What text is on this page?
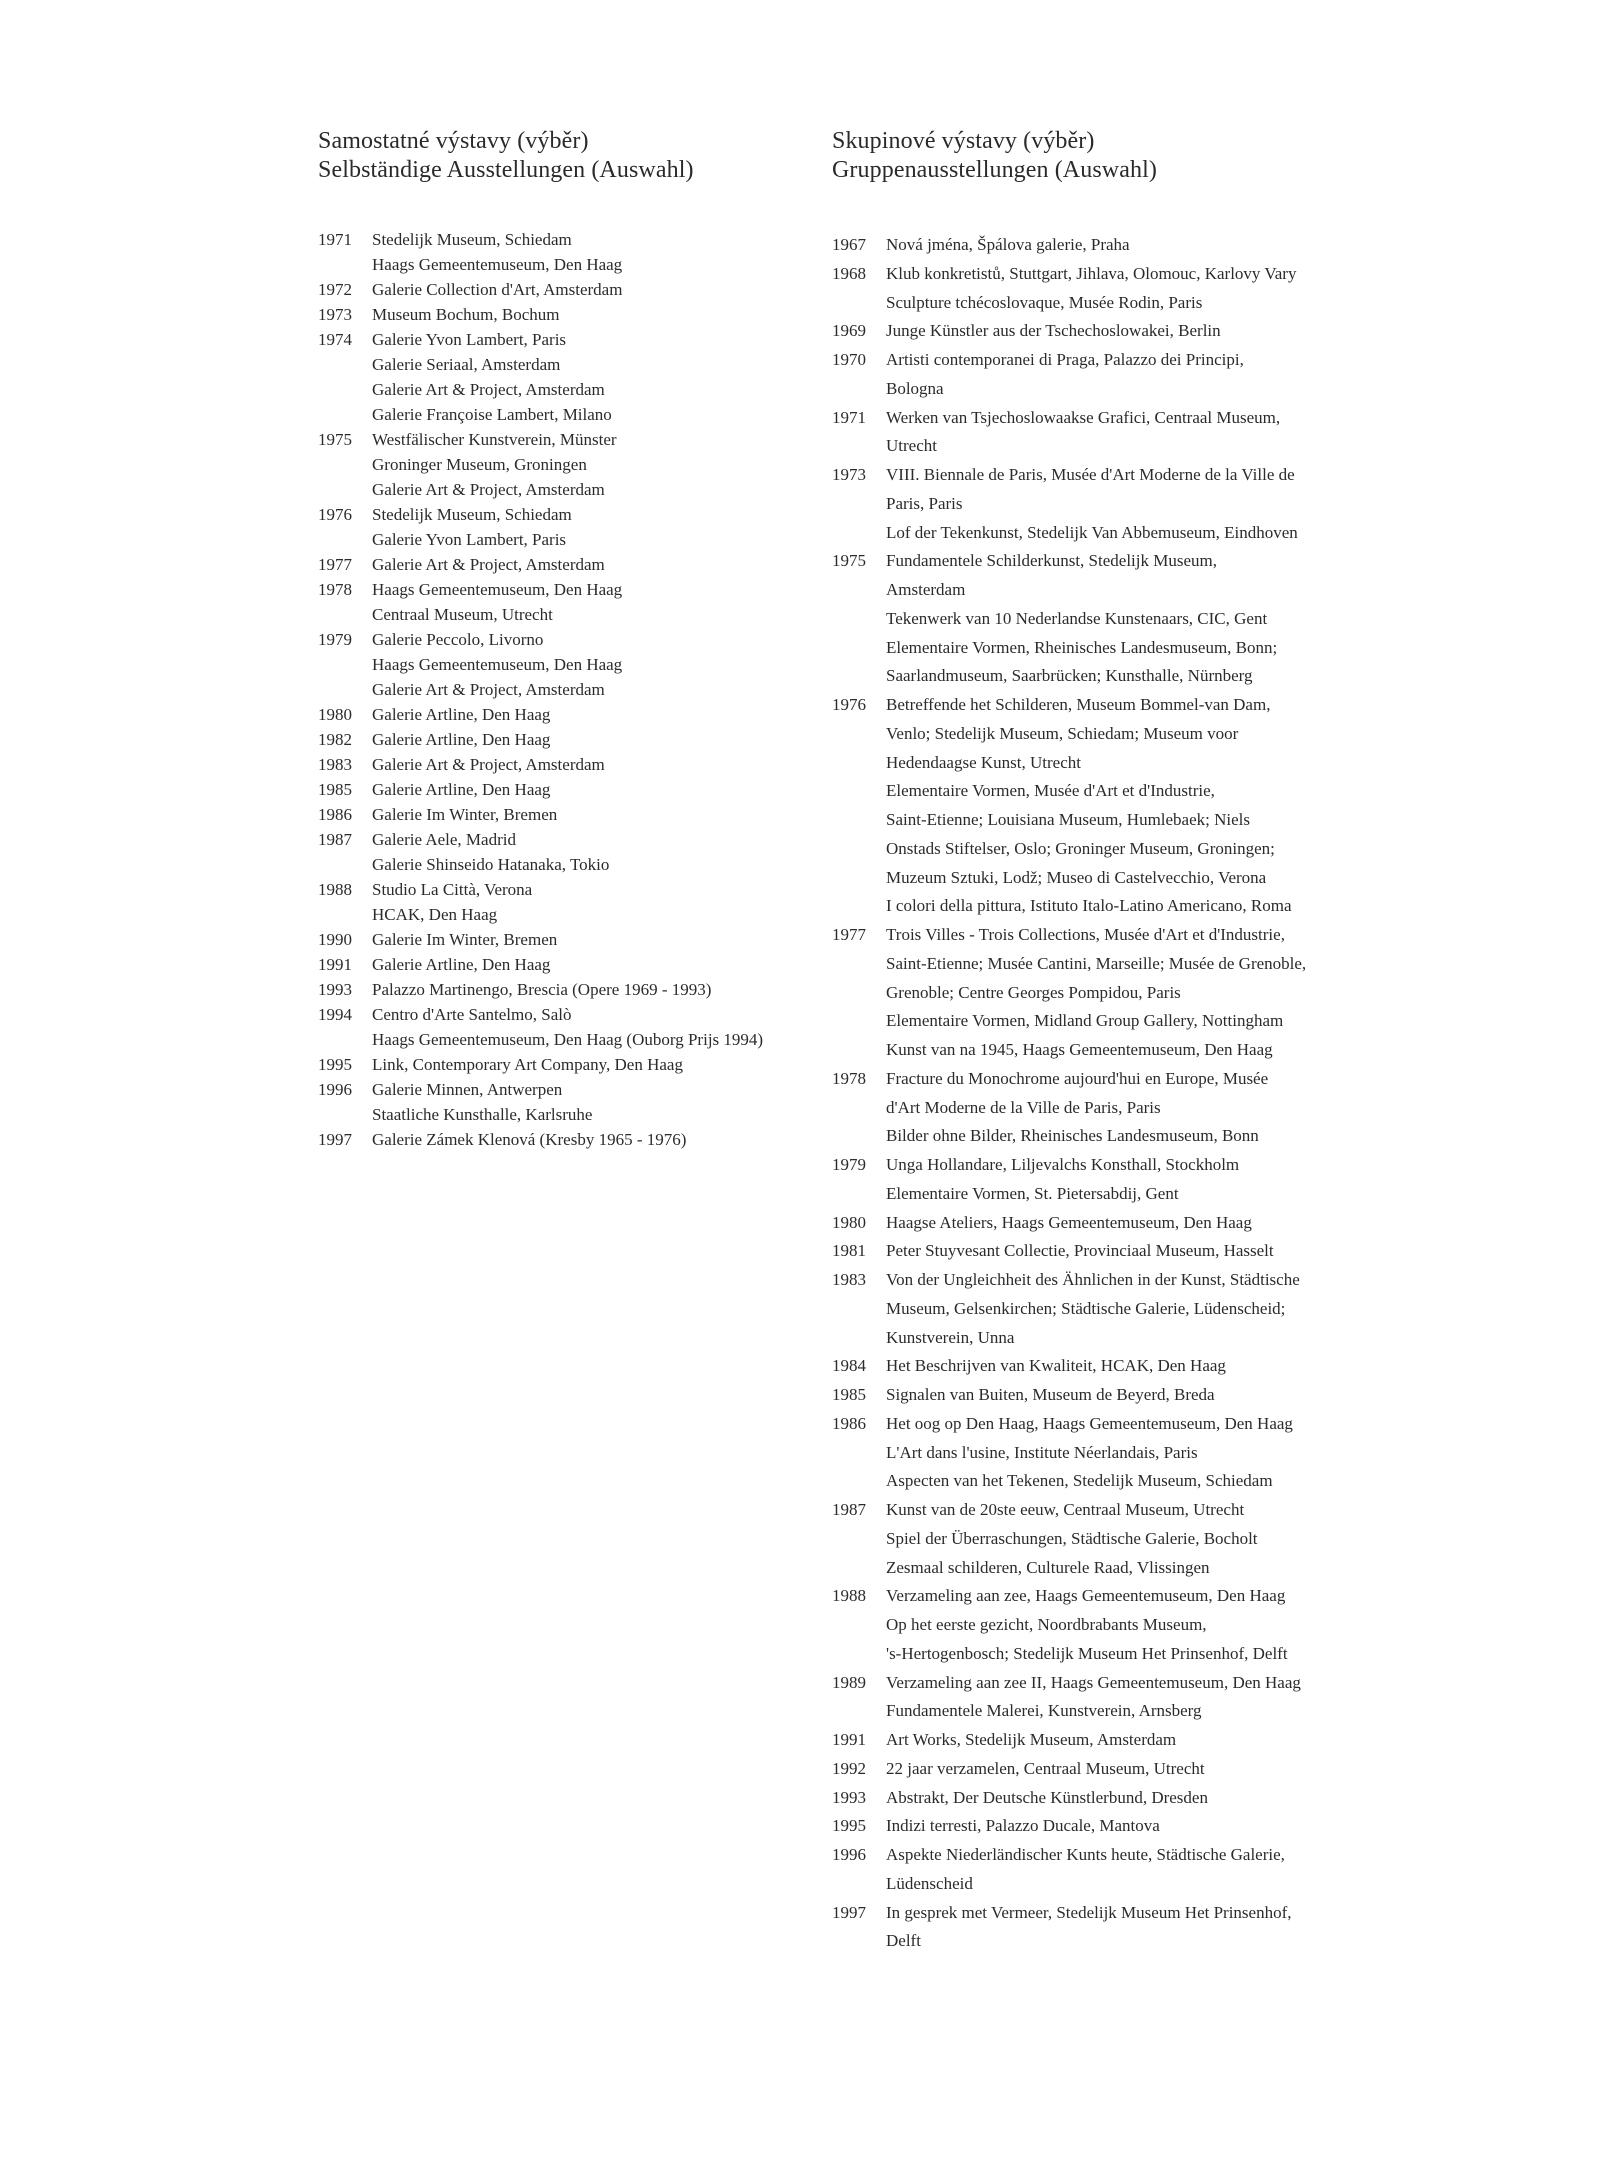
Samostatné výstavy (výběr)
Selbständige Ausstellungen (Auswahl)
1971	Stedelijk Museum, Schiedam
Haags Gemeentemuseum, Den Haag
1972	Galerie Collection d'Art, Amsterdam
1973	Museum Bochum, Bochum
1974	Galerie Yvon Lambert, Paris
Galerie Seriaal, Amsterdam
Galerie Art & Project, Amsterdam
Galerie Françoise Lambert, Milano
1975	Westfälischer Kunstverein, Münster
Groninger Museum, Groningen
Galerie Art & Project, Amsterdam
1976	Stedelijk Museum, Schiedam
Galerie Yvon Lambert, Paris
1977	Galerie Art & Project, Amsterdam
1978	Haags Gemeentemuseum, Den Haag
Centraal Museum, Utrecht
1979	Galerie Peccolo, Livorno
Haags Gemeentemuseum, Den Haag
Galerie Art & Project, Amsterdam
1980	Galerie Artline, Den Haag
1982	Galerie Artline, Den Haag
1983	Galerie Art & Project, Amsterdam
1985	Galerie Artline, Den Haag
1986	Galerie Im Winter, Bremen
1987	Galerie Aele, Madrid
Galerie Shinseido Hatanaka, Tokio
1988	Studio La Città, Verona
HCAK, Den Haag
1990	Galerie Im Winter, Bremen
1991	Galerie Artline, Den Haag
1993	Palazzo Martinengo, Brescia (Opere 1969 - 1993)
1994	Centro d'Arte Santelmo, Salò
Haags Gemeentemuseum, Den Haag (Ouborg Prijs 1994)
1995	Link, Contemporary Art Company, Den Haag
1996	Galerie Minnen, Antwerpen
Staatliche Kunsthalle, Karlsruhe
1997	Galerie Zámek Klenová (Kresby 1965 - 1976)
Skupinové výstavy (výběr)
Gruppenausstellungen (Auswahl)
1967	Nová jména, Špálova galerie, Praha
1968	Klub konkretistů, Stuttgart, Jihlava, Olomouc, Karlovy Vary
Sculpture tchécoslovaque, Musée Rodin, Paris
1969	Junge Künstler aus der Tschechoslowakei, Berlin
1970	Artisti contemporanei di Praga, Palazzo dei Principi,
Bologna
1971	Werken van Tsjechoslowaakse Grafici, Centraal Museum,
Utrecht
1973	VIII. Biennale de Paris, Musée d'Art Moderne de la Ville de
Paris, Paris
Lof der Tekenkunst, Stedelijk Van Abbemuseum, Eindhoven
1975	Fundamentele Schilderkunst, Stedelijk Museum,
Amsterdam
Tekenwerk van 10 Nederlandse Kunstenaars, CIC, Gent
Elementaire Vormen, Rheinisches Landesmuseum, Bonn;
Saarlandmuseum, Saarbrücken; Kunsthalle, Nürnberg
1976	Betreffende het Schilderen, Museum Bommel-van Dam,
Venlo; Stedelijk Museum, Schiedam; Museum voor
Hedendaagse Kunst, Utrecht
Elementaire Vormen, Musée d'Art et d'Industrie,
Saint-Etienne; Louisiana Museum, Humlebaek; Niels
Onstads Stiftelser, Oslo; Groninger Museum, Groningen;
Muzeum Sztuki, Lodž; Museo di Castelvecchio, Verona
I colori della pittura, Istituto Italo-Latino Americano, Roma
1977	Trois Villes - Trois Collections, Musée d'Art et d'Industrie,
Saint-Etienne; Musée Cantini, Marseille; Musée de Grenoble,
Grenoble; Centre Georges Pompidou, Paris
Elementaire Vormen, Midland Group Gallery, Nottingham
Kunst van na 1945, Haags Gemeentemuseum, Den Haag
1978	Fracture du Monochrome aujourd'hui en Europe, Musée
d'Art Moderne de la Ville de Paris, Paris
Bilder ohne Bilder, Rheinisches Landesmuseum, Bonn
1979	Unga Hollandare, Liljevalchs Konsthall, Stockholm
Elementaire Vormen, St. Pietersabdij, Gent
1980	Haagse Ateliers, Haags Gemeentemuseum, Den Haag
1981	Peter Stuyvesant Collectie, Provinciaal Museum, Hasselt
1983	Von der Ungleichheit des Ähnlichen in der Kunst, Städtische
Museum, Gelsenkirchen; Städtische Galerie, Lüdenscheid;
Kunstverein, Unna
1984	Het Beschrijven van Kwaliteit, HCAK, Den Haag
1985	Signalen van Buiten, Museum de Beyerd, Breda
1986	Het oog op Den Haag, Haags Gemeentemuseum, Den Haag
L'Art dans l'usine, Institute Néerlandais, Paris
Aspecten van het Tekenen, Stedelijk Museum, Schiedam
1987	Kunst van de 20ste eeuw, Centraal Museum, Utrecht
Spiel der Überraschungen, Städtische Galerie, Bocholt
Zesmaal schilderen, Culturele Raad, Vlissingen
1988	Verzameling aan zee, Haags Gemeentemuseum, Den Haag
Op het eerste gezicht, Noordbrabants Museum,
's-Hertogenbosch; Stedelijk Museum Het Prinsenhof, Delft
1989	Verzameling aan zee II, Haags Gemeentemuseum, Den Haag
Fundamentele Malerei, Kunstverein, Arnsberg
1991	Art Works, Stedelijk Museum, Amsterdam
1992	22 jaar verzamelen, Centraal Museum, Utrecht
1993	Abstrakt, Der Deutsche Künstlerbund, Dresden
1995	Indizi terresti, Palazzo Ducale, Mantova
1996	Aspekte Niederländischer Kunts heute, Städtische Galerie,
Lüdenscheid
1997	In gesprek met Vermeer, Stedelijk Museum Het Prinsenhof,
Delft
